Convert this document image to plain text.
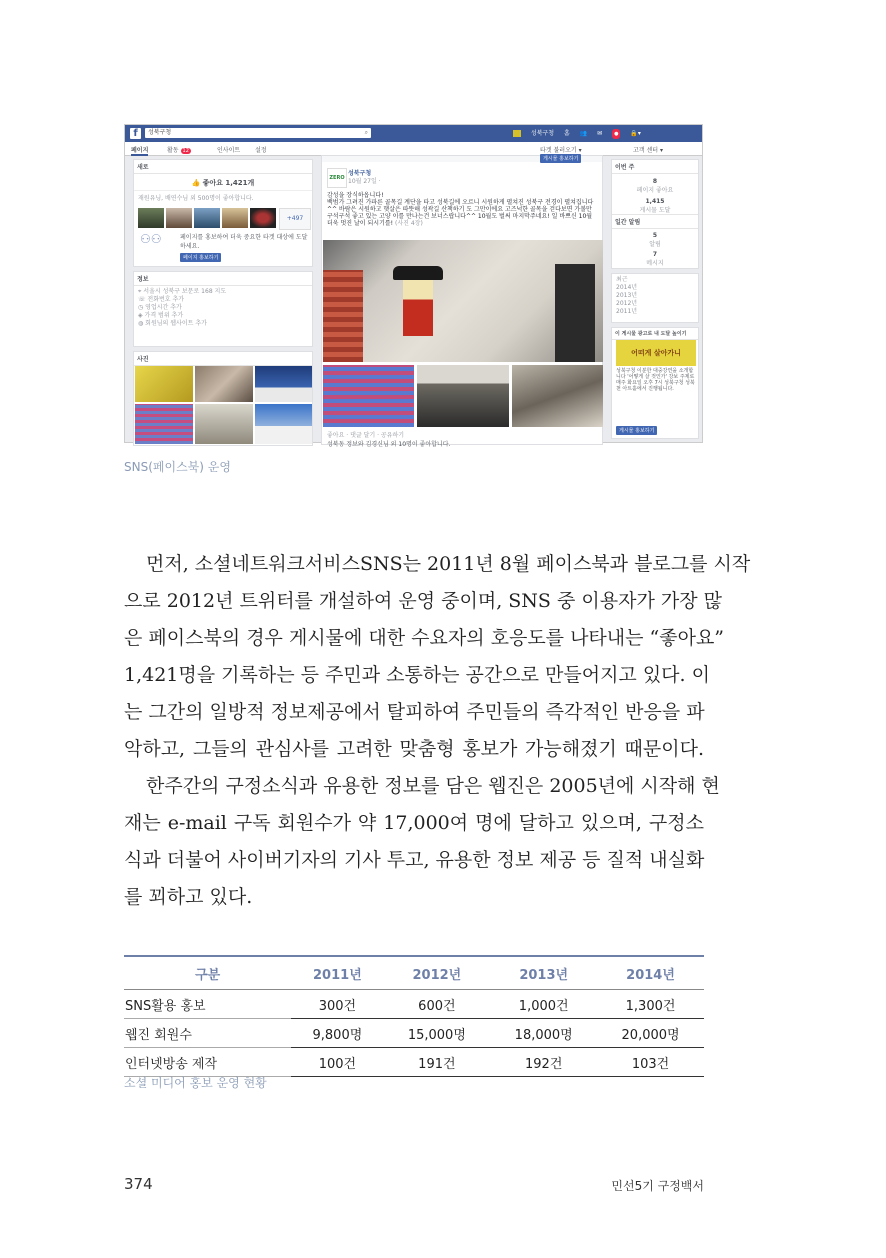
f	성북구청	⌕	성북구청 홈 👥 ✉ ● 🔒▾
페이지	활동 12	인사이트 설정	타겟 불러오기 ▾	고객 센터 ▾
새로
👍 좋아요 1,421개
재원유닝, 배연수님 외 500명이 좋아합니다.
+497
⚇⚇	페이지를 홍보하여 더욱 중요한 타겟 대상에 도달하세요.
페이지 홍보하기
정보
⌖ 서울시 성북구 보문로 168 지도
☏ 전화번호 추가
◷ 영업시간 추가
◈ 가격 범위 추가
◍ 회원님의 웹사이트 추가
사진
게시물 홍보하기
ZERO
성북구청
10월 27일 ·
감성을 장식하옵니다!
백범가 그려진 가파른 골목길 계단을 타고 성북길에 오르니 시원하게 펼쳐진 성북구 전경이 펼쳐집니다^^ 바람은 시원하고 햇살은 따뜻해 성곽길 산책하기 도 그만이에요 고즈넉한 골목을 걷다보면 가볼만 구석구석 좋고 있는 고양 이를 만나는건 보너스랍니다^^ 10월도 벌써 마지막주네요! 일 바쁘신 10월 더욱 멋진 날이 되시기를! (사진 4장)
좋아요 · 댓글 달기 · 공유하기
성북동 정보와 김경신님 외 10명이 좋아합니다.
이번 주
8
페이지 좋아요
1,415
게시물 도달
일간 알림
5
알림
7
메시지
최근
2014년
2013년
2012년
2011년
이 게시물 광고로 내 도달 높이기
어떠게 살아가니
성북구청 이분한 대중강연을 소개합니다 '어떻게 살 것인가' 강보 주제로 매주 화요일 오후 7시 성북구청 성북천 아트홀에서 진행됩니다.
게시물 홍보하기
SNS(페이스북) 운영
먼저, 소셜네트워크서비스SNS는 2011년 8월 페이스북과 블로그를 시작
으로 2012년 트위터를 개설하여 운영 중이며, SNS 중 이용자가 가장 많
은 페이스북의 경우 게시물에 대한 수요자의 호응도를 나타내는 “좋아요”
1,421명을 기록하는 등 주민과 소통하는 공간으로 만들어지고 있다. 이
는 그간의 일방적 정보제공에서 탈피하여 주민들의 즉각적인 반응을 파
악하고, 그들의 관심사를 고려한 맞춤형 홍보가 가능해졌기 때문이다.
한주간의 구정소식과 유용한 정보를 담은 웹진은 2005년에 시작해 현
재는 e-mail 구독 회원수가 약 17,000여 명에 달하고 있으며, 구정소
식과 더불어 사이버기자의 기사 투고, 유용한 정보 제공 등 질적 내실화
를 꾀하고 있다.
구분	2011년	2012년	2013년	2014년
SNS활용 홍보	300건	600건	1,000건	1,300건
웹진 회원수	9,800명	15,000명	18,000명	20,000명
인터넷방송 제작	100건	191건	192건	103건
소셜 미디어 홍보 운영 현황
374	민선5기 구정백서
